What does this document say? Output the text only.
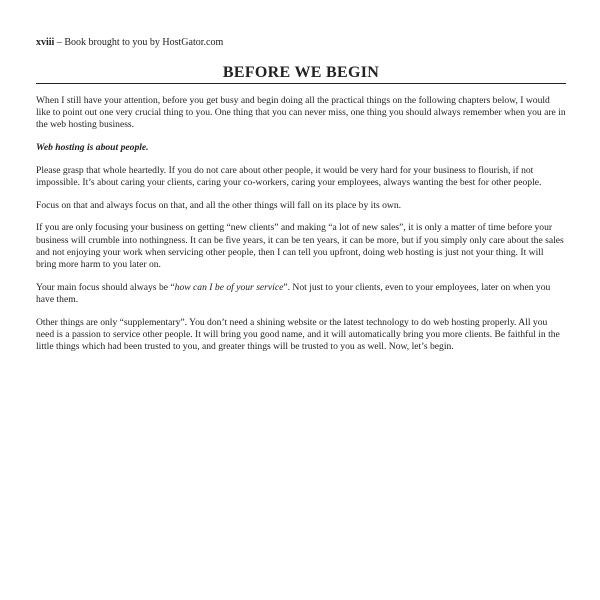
xviii – Book brought to you by HostGator.com
BEFORE WE BEGIN

When I still have your attention, before you get busy and begin doing all the practical things on the following chapters below, I would like to point out one very crucial thing to you. One thing that you can never miss, one thing you should always remember when you are in the web hosting business.

Web hosting is about people.

Please grasp that whole heartedly. If you do not care about other people, it would be very hard for your business to flourish, if not impossible. It’s about caring your clients, caring your co-workers, caring your employees, always wanting the best for other people.

Focus on that and always focus on that, and all the other things will fall on its place by its own.

If you are only focusing your business on getting “new clients” and making “a lot of new sales”, it is only a matter of time before your business will crumble into nothingness. It can be five years, it can be ten years, it can be more, but if you simply only care about the sales and not enjoying your work when servicing other people, then I can tell you upfront, doing web hosting is just not your thing. It will bring more harm to you later on.

Your main focus should always be “how can I be of your service”. Not just to your clients, even to your employees, later on when you have them.

Other things are only “supplementary”. You don’t need a shining website or the latest technology to do web hosting properly. All you need is a passion to service other people. It will bring you good name, and it will automatically bring you more clients. Be faithful in the little things which had been trusted to you, and greater things will be trusted to you as well. Now, let’s begin.
